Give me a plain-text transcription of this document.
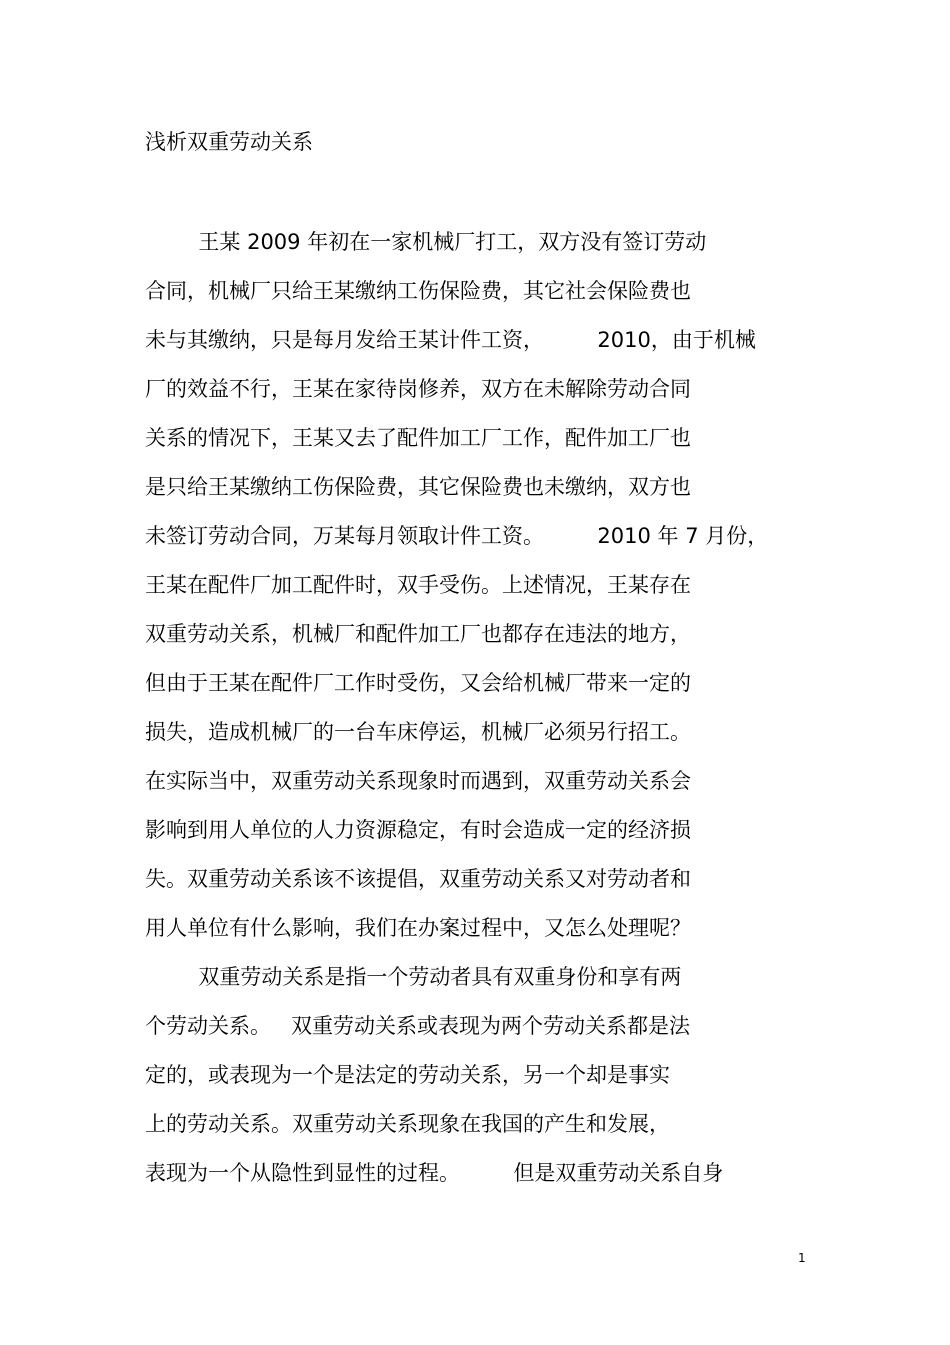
浅析双重劳动关系
王某 2009 年初在一家机械厂打工，双方没有签订劳动
合同，机械厂只给王某缴纳工伤保险费，其它社会保险费也
未与其缴纳，只是每月发给王某计件工资，        2010，由于机械
厂的效益不行，王某在家待岗修养，双方在未解除劳动合同
关系的情况下，王某又去了配件加工厂工作，配件加工厂也
是只给王某缴纳工伤保险费，其它保险费也未缴纳，双方也
未签订劳动合同，万某每月领取计件工资。        2010 年 7 月份，
王某在配件厂加工配件时，双手受伤。上述情况，王某存在
双重劳动关系，机械厂和配件加工厂也都存在违法的地方，
但由于王某在配件厂工作时受伤，又会给机械厂带来一定的
损失，造成机械厂的一台车床停运，机械厂必须另行招工。
在实际当中，双重劳动关系现象时而遇到，双重劳动关系会
影响到用人单位的人力资源稳定，有时会造成一定的经济损
失。双重劳动关系该不该提倡，双重劳动关系又对劳动者和
用人单位有什么影响，我们在办案过程中，又怎么处理呢？
双重劳动关系是指一个劳动者具有双重身份和享有两
个劳动关系。   双重劳动关系或表现为两个劳动关系都是法
定的，或表现为一个是法定的劳动关系，另一个却是事实
上的劳动关系。双重劳动关系现象在我国的产生和发展，
表现为一个从隐性到显性的过程。        但是双重劳动关系自身
1
